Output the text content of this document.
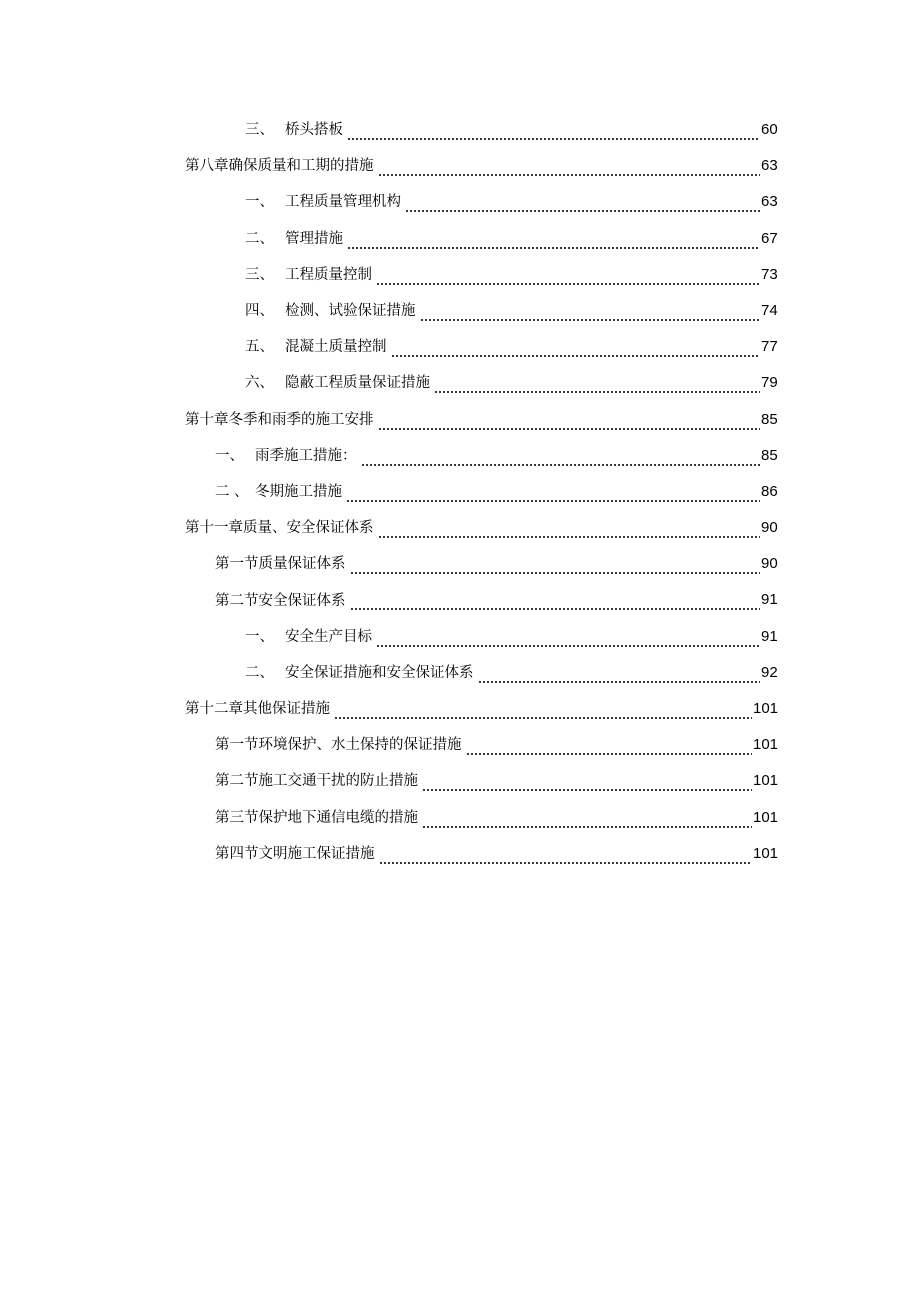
三、 桥头搭板	60
第八章 确保质量和工期的措施	63
一、 工程质量管理机构	63
二、 管理措施	67
三、 工程质量控制	73
四、 检测、试验保证措施	74
五、 混凝土质量控制	77
六、 隐蔽工程质量保证措施	79
第十章 冬季和雨季的施工安排	85
一、 雨季施工措施：	85
二 、 冬期施工措施	86
第十一章 质量、安全保证体系	90
第一节 质量保证体系	90
第二节 安全保证体系	91
一、 安全生产目标	91
二、 安全保证措施和安全保证体系	92
第十二章 其他保证措施	101
第一节 环境保护、水土保持的保证措施	101
第二节 施工交通干扰的防止措施	101
第三节 保护地下通信电缆的措施	101
第四节 文明施工保证措施	101
